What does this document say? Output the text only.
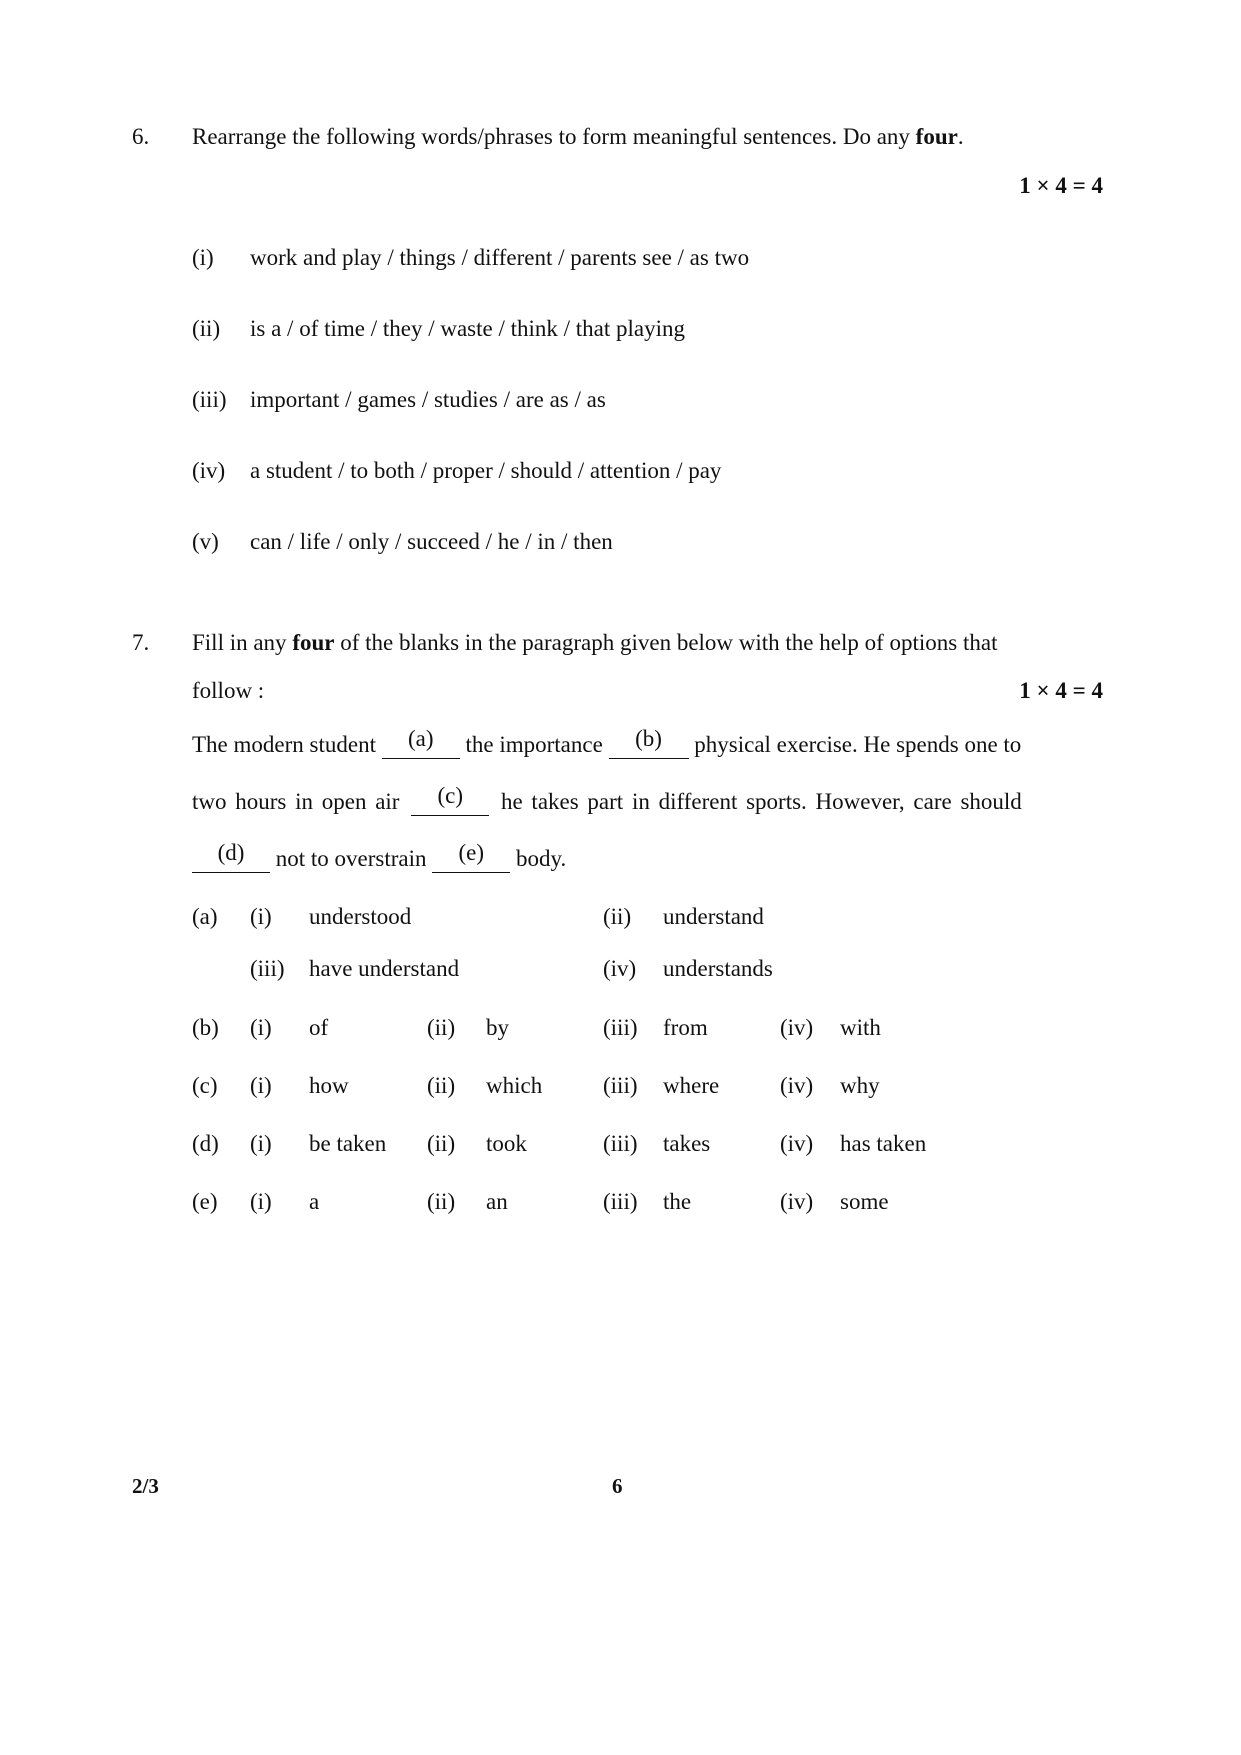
6. Rearrange the following words/phrases to form meaningful sentences. Do any four.
1 × 4 = 4
(i) work and play / things / different / parents see / as two
(ii) is a / of time / they / waste / think / that playing
(iii) important / games / studies / are as / as
(iv) a student / to both / proper / should / attention / pay
(v) can / life / only / succeed / he / in / then
7. Fill in any four of the blanks in the paragraph given below with the help of options that
follow :	1 × 4 = 4
The modern student (a) the importance (b) physical exercise. He spends one to
two hours in open air (c) he takes part in different sports. However, care should
(d) not to overstrain (e) body.
(a) (i) understood	(ii) understand
(iii) have understand	(iv) understands
(b) (i) of	(ii) by	(iii) from	(iv) with
(c) (i) how	(ii) which	(iii) where	(iv) why
(d) (i) be taken (ii) took	(iii) takes	(iv) has taken
(e) (i) a	(ii) an	(iii) the	(iv) some
2/3	6
